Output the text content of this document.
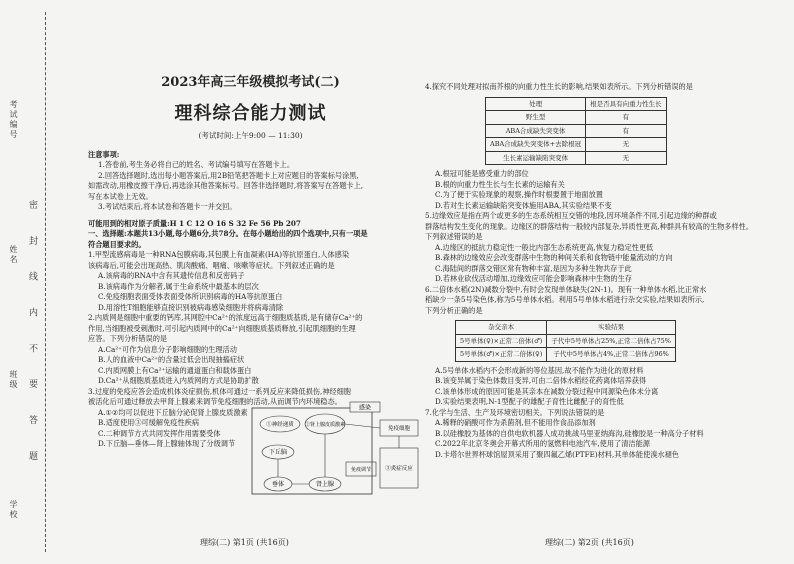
考试编号
姓名 密 封 线 内 不 要 答 题
班级
学校
2023年高三年级模拟考试(二)
理科综合能力测试
(考试时间:上午9:00 — 11:30)

注意事项:

1.答卷前,考生务必将自己的姓名、考试编号填写在答题卡上。

2.回答选择题时,选出每小题答案后,用2B铅笔把答题卡上对应题目的答案标号涂黑,

如需改动,用橡皮擦干净后,再选涂其他答案标号。回答非选择题时,将答案写在答题卡上,

写在本试卷上无效。

3.考试结束后,将本试卷和答题卡一并交回。

可能用到的相对原子质量:H 1 C 12 O 16 S 32 Fe 56 Pb 207

一、选择题:本题共13小题,每小题6分,共78分。在每小题给出的四个选项中,只有一项是

符合题目要求的。

1.甲型流感病毒是一种RNA包膜病毒,其包膜上有血凝素(HA)等抗原蛋白,人体感染

该病毒后,可能会出现高热、肌肉酸痛、咽痛、咳嗽等症状。下列叙述正确的是

A.该病毒的RNA中含有其遗传信息和反密码子

B.该病毒作为分解者,属于生命系统中最基本的层次

C.免疫细胞表面受体表面受体所识别病毒的HA等抗原蛋白

D.用溶性T细胞能够直接识别被病毒感染细胞并将病毒清除

2.内质网是细胞中重要的钙库,其网腔中Ca²⁺的浓度远高于细胞质基质,是有储存Ca²⁺的

作用,当细胞被受刺激时,可引起内质网中的Ca²⁺向细胞质基质释放,引起肌细胞的生理

应答。下列分析错误的是

A.Ca²⁺可作为信息分子影响细胞的生理活动

B.人的血液中Ca²⁺的含量过低会出现抽搐症状

C.内质网膜上有Ca²⁺运输的通道蛋白和载体蛋白

D.Ca²⁺从细胞质基质进入内质网的方式是协助扩散

3.过度的免疫应答会造成机体炎症损伤,机体可通过一系列反应来降低损伤,神经细胞

被活化后可通过释放去甲肾上腺素来调节免疫细胞的活动,从而调节内环境稳态。

A.①②均可以促进下丘脑分泌促肾上腺皮质激素

B.适度使用③可缓解免疫性疾病

C.二种调节方式共同发挥作用需要受体

D.下丘脑—垂体—肾上腺轴体现了分级调节

感染
①神经递质 ②肾上腺皮质激素
下丘脑
垂体	肾上腺
免疫细胞
③炎症反应
免疫调节

4.探究不同处理对拟南芥根的向重力性生长的影响,结果如表所示。下列分析错误的是

处理	根是否具有向重力性生长
野生型	有
ABA合成缺失突变体	有
ABA合成缺失突变体+去除根冠	无
生长素运输缺陷突变体	无

A.根冠可能是感受重力的部位

B.根的向重力性生长与生长素的运输有关

C.为了便于实验现象的观察,操作时根要置于地面放置

D.若对生长素运输缺陷突变体施用ABA,其实验结果不变

5.边缘效应是指在两个或更多的生态系统相互交错的地段,因环境条件不同,引起边缘的种群或

群落结构发生变化的现象。边缘区的群落结构一般较内部复杂,异质性更高,种群具有较高的生物多样性。

下列叙述错误的是

A.边缘区的抵抗力稳定性一般比内部生态系统更高,恢复力稳定性更低

B.森林的边缘效应会改变群落中生物的种间关系和食物链中能量流动的方向

C.海陆间的群落交错区常有物种丰富,是因为多种生物共存于此

D.若林业砍伐活动增加,边缘效应可能会影响森林中生物的生存

6.二倍体水稻(2N)减数分裂中,有时会发现单体缺失(2N-1)。现有一种单体水稻,比正常水

稻缺少一条5号染色体,称为5号单体水稻。利用5号单体水稻进行杂交实验,结果如表所示,

下列分析正确的是

杂交亲本	实验结果
5号单体(♀)×正常二倍体(♂)	子代中5号单体占25%,正常二倍体占75%
5号单体(♂)×正常二倍体(♀)	子代中5号单体占4%,正常二倍体占96%

A.5号单体水稻内不会形成新的等位基因,故不能作为进化的原材料

B.该变异属于染色体数目变异,可由二倍体水稻经花药离体培养获得

C.该单体形成的原因可能是其亲本在减数分裂过程中同源染色体未分离

D.实验结果表明,N-1型配子的雄配子育性比雌配子的育性低

7.化学与生活、生产及环境密切相关。下列说法错误的是

A.稀释的硝酸可作为杀菌剂,但不能用作食品添加剂

B.以硅橡胶为基体的自供电软机器人成功挑战马里亚纳海沟,硅橡胶是一种高分子材料

C.2022年北京冬奥会开幕式所用的氢燃料电池汽车,使用了清洁能源

D.卡塔尔世界杯球馆屋顶采用了聚四氟乙烯(PTFE)材料,其单体能使溴水褪色

理综(二) 第1页 (共16页)	理综(二) 第2页 (共16页)
